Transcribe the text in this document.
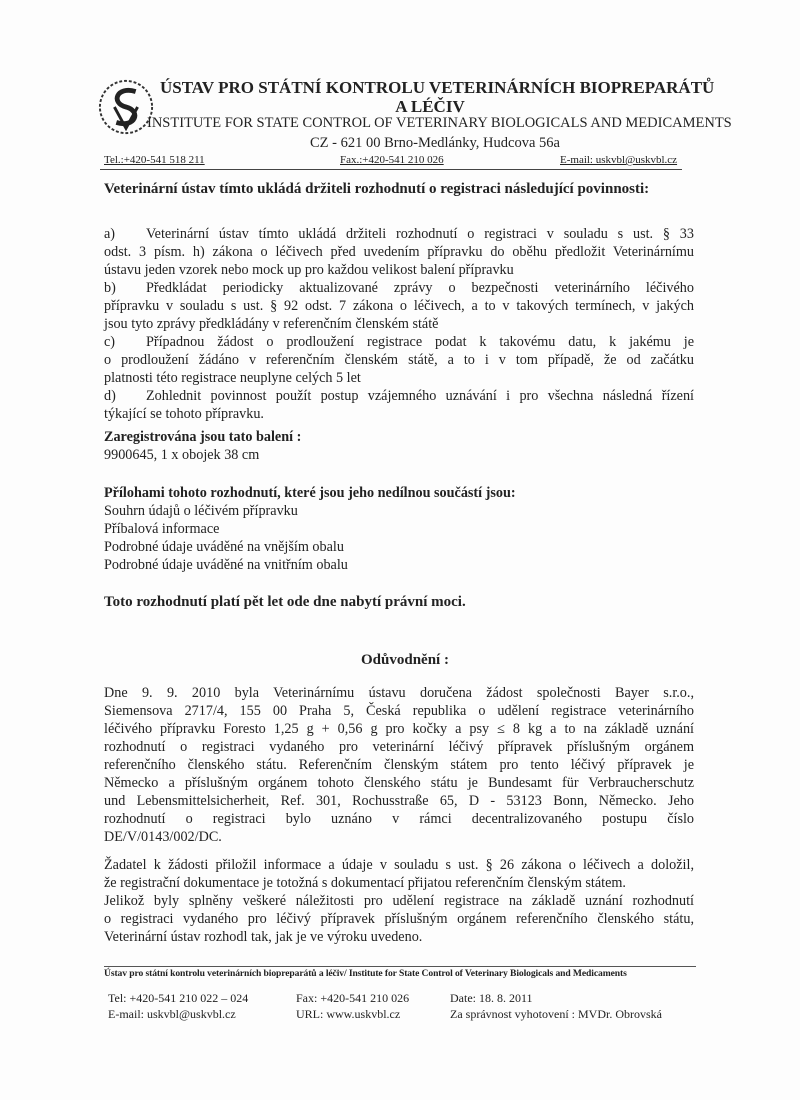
ÚSTAV PRO STÁTNÍ KONTROLU VETERINÁRNÍCH BIOPREPARÁTŮ
A LÉČIV
INSTITUTE FOR STATE CONTROL OF VETERINARY BIOLOGICALS AND MEDICAMENTS
CZ - 621 00 Brno-Medlánky, Hudcova 56a
Tel.:+420-541 518 211	Fax.:+420-541 210 026	E-mail: uskvbl@uskvbl.cz
Veterinární ústav tímto ukládá držiteli rozhodnutí o registraci následující povinnosti:
a) Veterinární ústav tímto ukládá držiteli rozhodnutí o registraci v souladu s ust. § 33
odst. 3 písm. h) zákona o léčivech před uvedením přípravku do oběhu předložit Veterinárnímu
ústavu jeden vzorek nebo mock up pro každou velikost balení přípravku
b) Předkládat periodicky aktualizované zprávy o bezpečnosti veterinárního léčivého
přípravku v souladu s ust. § 92 odst. 7 zákona o léčivech, a to v takových termínech, v jakých
jsou tyto zprávy předkládány v referenčním členském státě
c) Případnou žádost o prodloužení registrace podat k takovému datu, k jakému je
o prodloužení žádáno v referenčním členském státě, a to i v tom případě, že od začátku
platnosti této registrace neuplyne celých 5 let
d) Zohlednit povinnost použít postup vzájemného uznávání i pro všechna následná řízení
týkající se tohoto přípravku.
Zaregistrována jsou tato balení :
9900645, 1 x obojek 38 cm
Přílohami tohoto rozhodnutí, které jsou jeho nedílnou součástí jsou:
Souhrn údajů o léčivém přípravku
Příbalová informace
Podrobné údaje uváděné na vnějším obalu
Podrobné údaje uváděné na vnitřním obalu
Toto rozhodnutí platí pět let ode dne nabytí právní moci.
Odůvodnění :
Dne 9. 9. 2010 byla Veterinárnímu ústavu doručena žádost společnosti Bayer s.r.o.,
Siemensova 2717/4, 155 00 Praha 5, Česká republika o udělení registrace veterinárního
léčivého přípravku Foresto 1,25 g + 0,56 g pro kočky a psy ≤ 8 kg a to na základě uznání
rozhodnutí o registraci vydaného pro veterinární léčivý přípravek příslušným orgánem
referenčního členského státu. Referenčním členským státem pro tento léčivý přípravek je
Německo a příslušným orgánem tohoto členského státu je Bundesamt für Verbraucherschutz
und Lebensmittelsicherheit, Ref. 301, Rochusstraße 65, D - 53123 Bonn, Německo. Jeho
rozhodnutí o registraci bylo uznáno v rámci decentralizovaného postupu číslo
DE/V/0143/002/DC.
Žadatel k žádosti přiložil informace a údaje v souladu s ust. § 26 zákona o léčivech a doložil,
že registrační dokumentace je totožná s dokumentací přijatou referenčním členským státem.
Jelikož byly splněny veškeré náležitosti pro udělení registrace na základě uznání rozhodnutí
o registraci vydaného pro léčivý přípravek příslušným orgánem referenčního členského státu,
Veterinární ústav rozhodl tak, jak je ve výroku uvedeno.
Ústav pro státní kontrolu veterinárních biopreparátů a léčiv/ Institute for State Control of Veterinary Biologicals and Medicaments
Tel: +420-541 210 022 – 024
E-mail: uskvbl@uskvbl.cz
Fax: +420-541 210 026
URL: www.uskvbl.cz
Date: 18. 8. 2011
Za správnost vyhotovení : MVDr. Obrovská
